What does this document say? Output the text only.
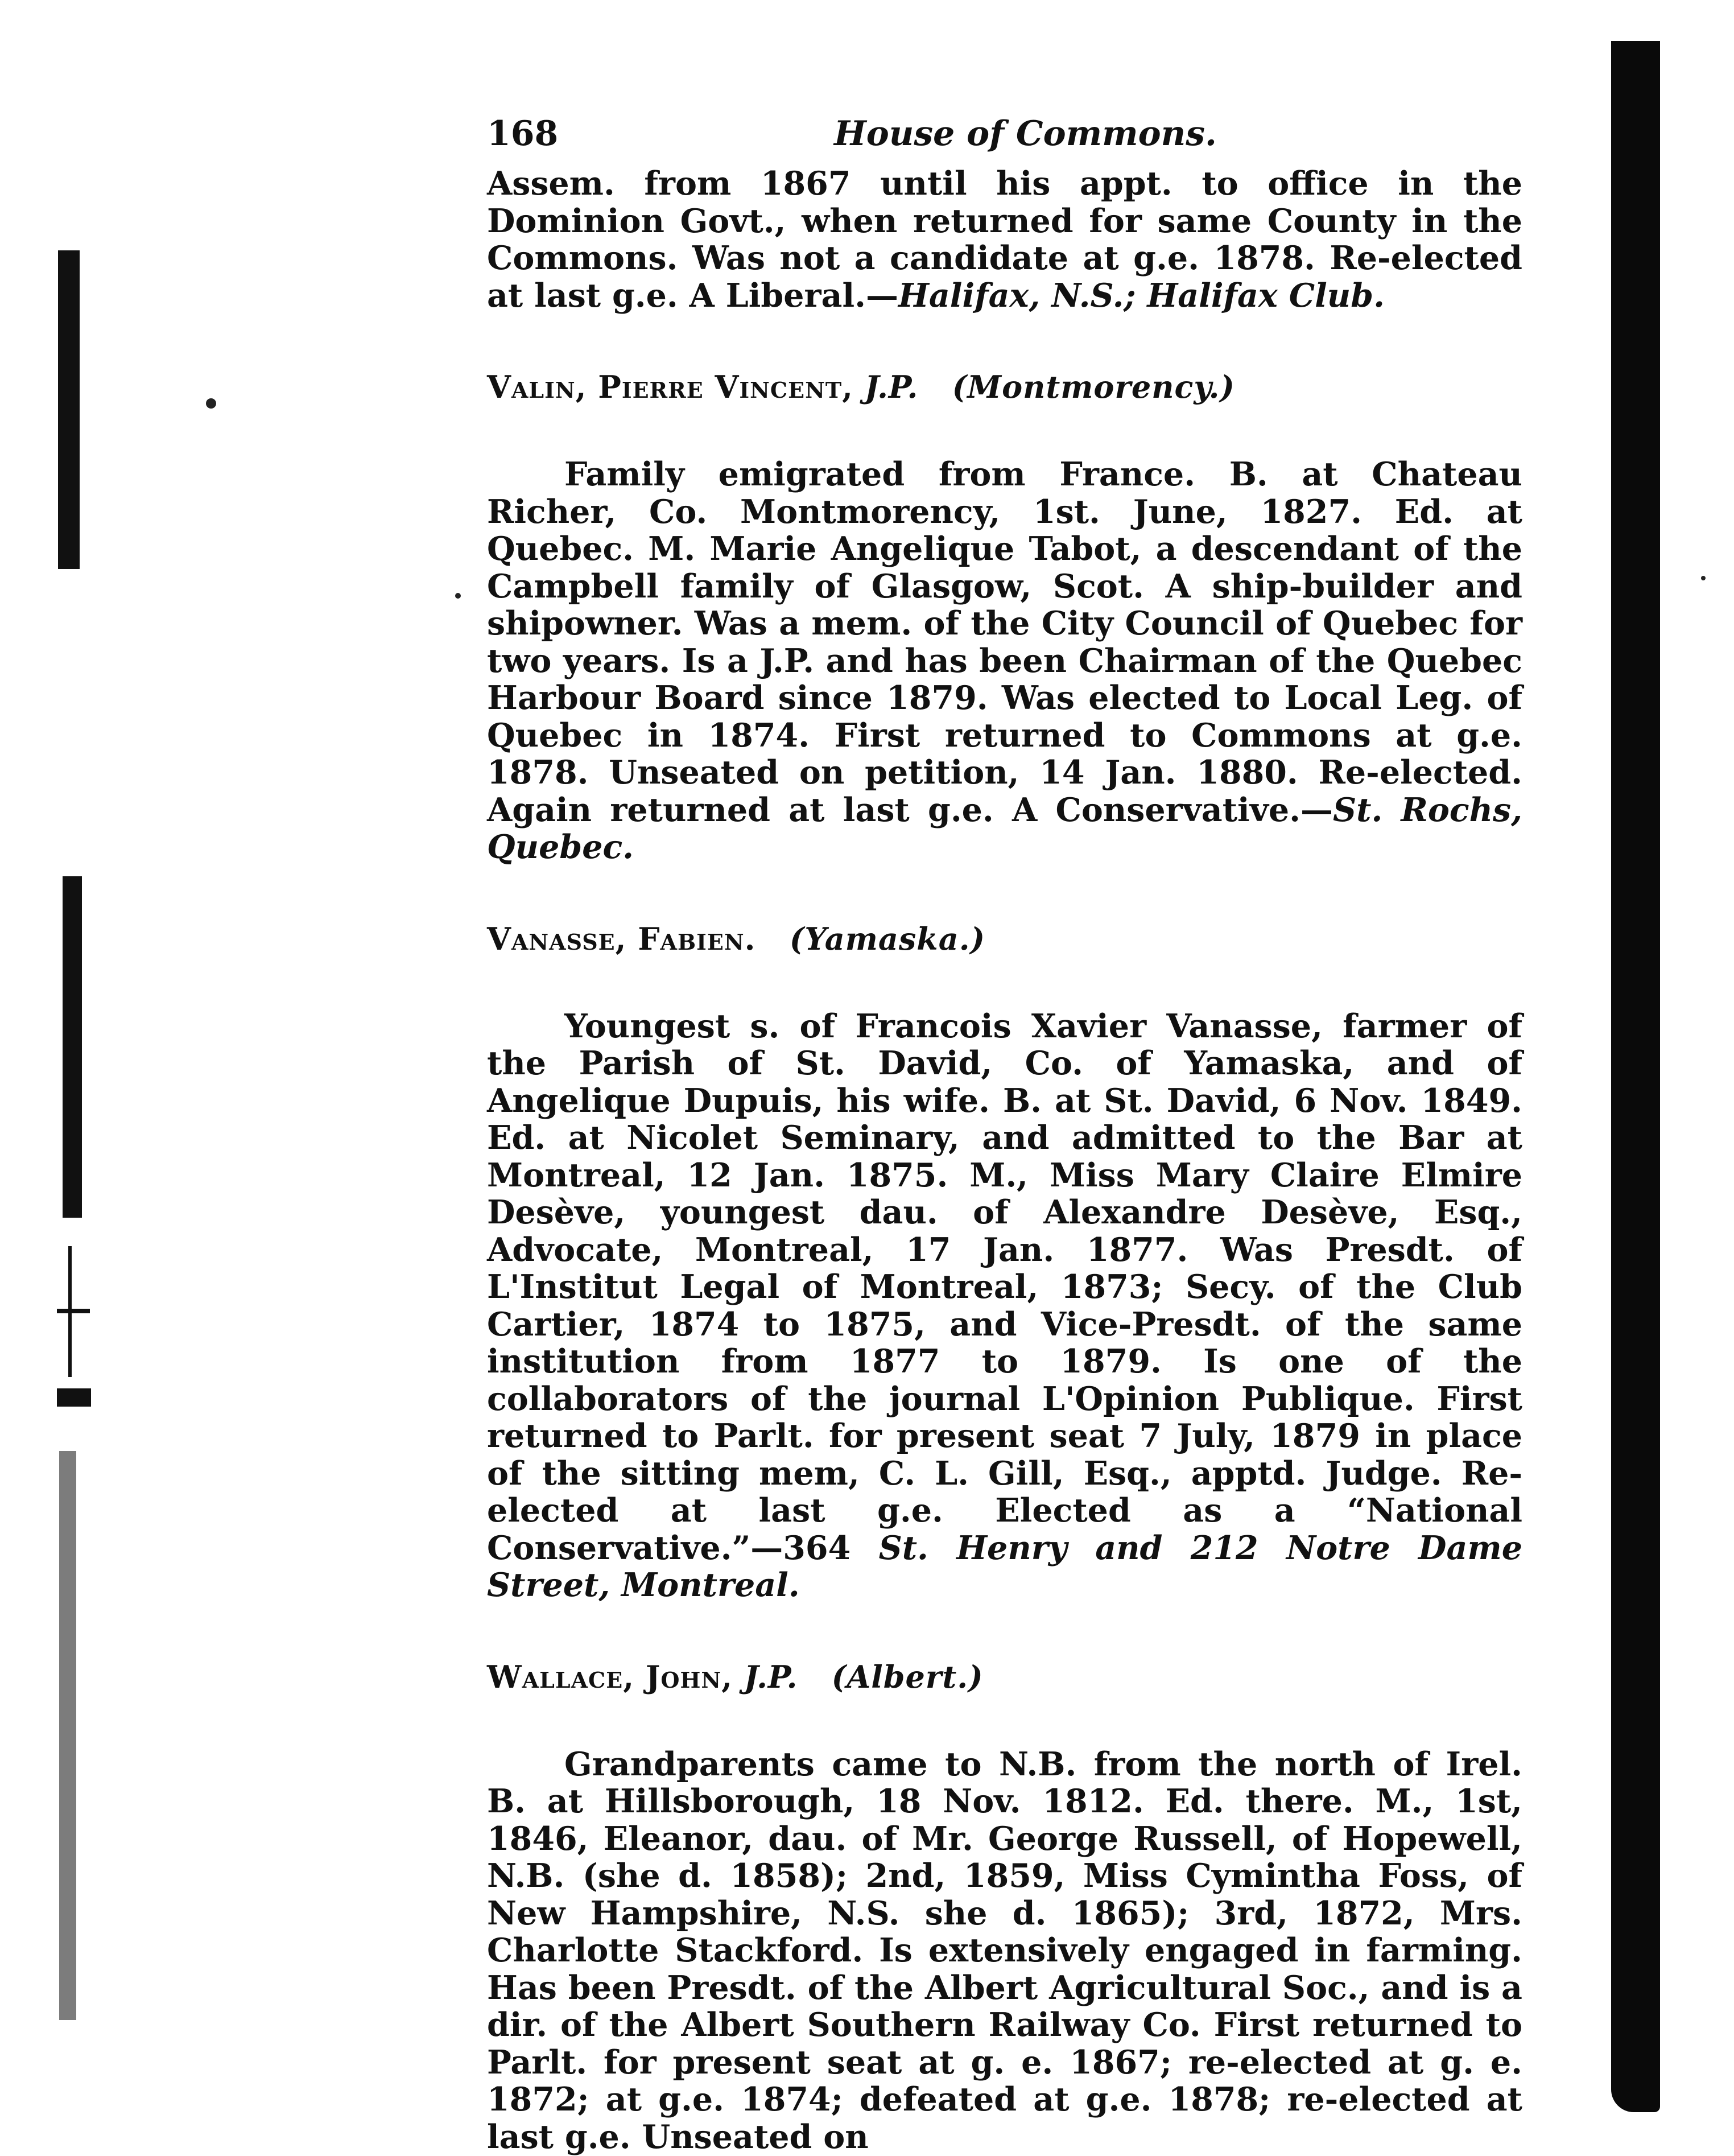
168	House of Commons.

Assem. from 1867 until his appt. to office in the Dominion Govt., when returned for same County in the Commons. Was not a candidate at g.e. 1878. Re-elected at last g.e. A Liberal.—Halifax, N.S.; Halifax Club.

Valin, Pierre Vincent, J.P. (Montmorency.)

Family emigrated from France. B. at Chateau Richer, Co. Montmorency, 1st. June, 1827. Ed. at Quebec. M. Marie Angelique Tabot, a descendant of the Campbell family of Glasgow, Scot. A ship-builder and shipowner. Was a mem. of the City Council of Quebec for two years. Is a J.P. and has been Chairman of the Quebec Harbour Board since 1879. Was elected to Local Leg. of Quebec in 1874. First returned to Commons at g.e. 1878. Unseated on petition, 14 Jan. 1880. Re-elected. Again returned at last g.e. A Conservative.—St. Rochs, Quebec.

Vanasse, Fabien. (Yamaska.)

Youngest s. of Francois Xavier Vanasse, farmer of the Parish of St. David, Co. of Yamaska, and of Angelique Dupuis, his wife. B. at St. David, 6 Nov. 1849. Ed. at Nicolet Seminary, and admitted to the Bar at Montreal, 12 Jan. 1875. M., Miss Mary Claire Elmire Desève, youngest dau. of Alexandre Desève, Esq., Advocate, Montreal, 17 Jan. 1877. Was Presdt. of L'Institut Legal of Montreal, 1873; Secy. of the Club Cartier, 1874 to 1875, and Vice-Presdt. of the same institution from 1877 to 1879. Is one of the collaborators of the journal L'Opinion Publique. First returned to Parlt. for present seat 7 July, 1879 in place of the sitting mem, C. L. Gill, Esq., apptd. Judge. Re-elected at last g.e. Elected as a “National Conservative.”—364 St. Henry and 212 Notre Dame Street, Montreal.

Wallace, John, J.P. (Albert.)

Grandparents came to N.B. from the north of Irel. B. at Hillsborough, 18 Nov. 1812. Ed. there. M., 1st, 1846, Eleanor, dau. of Mr. George Russell, of Hopewell, N.B. (she d. 1858); 2nd, 1859, Miss Cymintha Foss, of New Hampshire, N.S. she d. 1865); 3rd, 1872, Mrs. Charlotte Stackford. Is extensively engaged in farming. Has been Presdt. of the Albert Agricultural Soc., and is a dir. of the Albert Southern Railway Co. First returned to Parlt. for present seat at g. e. 1867; re-elected at g. e. 1872; at g.e. 1874; defeated at g.e. 1878; re-elected at last g.e. Unseated on
